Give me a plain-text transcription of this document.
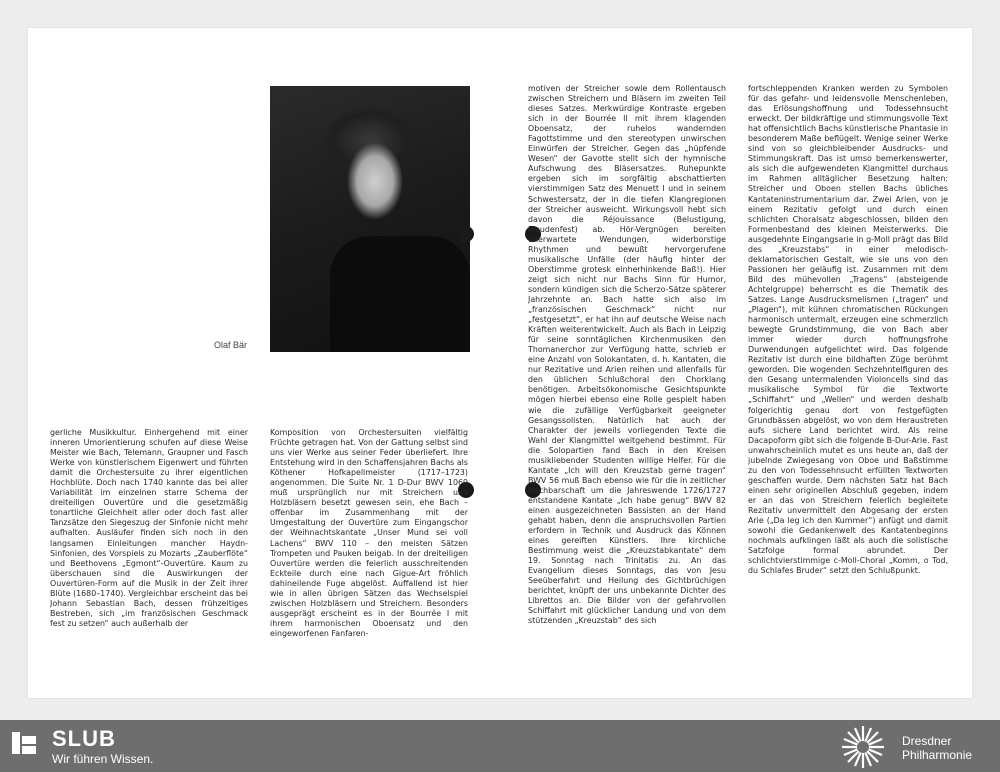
Olaf Bär

gerliche Musikkultur. Einhergehend mit einer inneren Umorientierung schufen auf diese Weise Meister wie Bach, Telemann, Graupner und Fasch Werke von künstlerischem Eigenwert und führten damit die Orchestersuite zu ihrer eigentlichen Hochblüte. Doch nach 1740 kannte das bei aller Variabilität im einzelnen starre Schema der dreiteiligen Ouvertüre und die gesetzmäßig tonartliche Gleichheit aller oder doch fast aller Tanzsätze den Siegeszug der Sinfonie nicht mehr aufhalten. Ausläufer finden sich noch in den langsamen Einleitungen mancher Haydn-Sinfonien, des Vorspiels zu Mozarts „Zauberflöte“ und Beethovens „Egmont“-Ouvertüre. Kaum zu überschauen sind die Auswirkungen der Ouvertüren-Form auf die Musik in der Zeit ihrer Blüte (1680–1740). Vergleichbar erscheint das bei Johann Sebastian Bach, dessen frühzeitiges Bestreben, sich „im französischen Geschmack fest zu setzen“ auch außerhalb der

Komposition von Orchestersuiten vielfältig Früchte getragen hat. Von der Gattung selbst sind uns vier Werke aus seiner Feder überliefert. Ihre Entstehung wird in den Schaffensjahren Bachs als Köthener Hofkapellmeister (1717–1723) angenommen. Die Suite Nr. 1 D-Dur BWV 1069 muß ursprünglich nur mit Streichern und Holzbläsern besetzt gewesen sein, ehe Bach – offenbar im Zusammenhang mit der Umgestaltung der Ouvertüre zum Eingangschor der Weihnachtskantate „Unser Mund sei voll Lachens“ BWV 110 – den meisten Sätzen Trompeten und Pauken beigab. In der dreiteiligen Ouvertüre werden die feierlich ausschreitenden Eckteile durch eine nach Gigue-Art fröhlich dahineilende Fuge abgelöst. Auffallend ist hier wie in allen übrigen Sätzen das Wechselspiel zwischen Holzbläsern und Streichern. Besonders ausgeprägt erscheint es in der Bourrée I mit ihrem harmonischen Oboensatz und den eingeworfenen Fanfaren-

motiven der Streicher sowie dem Rollentausch zwischen Streichern und Bläsern im zweiten Teil dieses Satzes. Merkwürdige Kontraste ergeben sich in der Bourrée II mit ihrem klagenden Oboensatz, der ruhelos wandernden Fagottstimme und den stereotypen unwirschen Einwürfen der Streicher. Gegen das „hüpfende Wesen“ der Gavotte stellt sich der hymnische Aufschwung des Bläsersatzes. Ruhepunkte ergeben sich im sorgfältig abschattierten vierstimmigen Satz des Menuett I und in seinem Schwestersatz, der in die tiefen Klangregionen der Streicher ausweicht. Wirkungsvoll hebt sich davon die Réjouissance (Belustigung, Freudenfest) ab. Hör-Vergnügen bereiten unerwartete Wendungen, widerborstige Rhythmen und bewußt hervorgerufene musikalische Unfälle (der häufig hinter der Oberstimme grotesk einherhinkende Baß!). Hier zeigt sich nicht nur Bachs Sinn für Humor, sondern kündigen sich die Scherzo-Sätze späterer Jahrzehnte an. Bach hatte sich also im „französischen Geschmack“ nicht nur „festgesetzt“, er hat ihn auf deutsche Weise nach Kräften weiterentwickelt. Auch als Bach in Leipzig für seine sonntäglichen Kirchenmusiken den Thomanerchor zur Verfügung hatte, schrieb er eine Anzahl von Solokantaten, d. h. Kantaten, die nur Rezitative und Arien reihen und allenfalls für den üblichen Schlußchoral den Chorklang benötigen. Arbeitsökonomische Gesichtspunkte mögen hierbei ebenso eine Rolle gespielt haben wie die zufällige Verfügbarkeit geeigneter Gesangssolisten. Natürlich hat auch der Charakter der jeweils vorliegenden Texte die Wahl der Klangmittel weitgehend bestimmt. Für die Solopartien fand Bach in den Kreisen musikliebender Studenten willige Helfer. Für die Kantate „Ich will den Kreuzstab gerne tragen“ BWV 56 muß Bach ebenso wie für die in zeitlicher Nachbarschaft um die Jahreswende 1726/1727 entstandene Kantate „Ich habe genug“ BWV 82 einen ausgezeichneten Bassisten an der Hand gehabt haben, denn die anspruchsvollen Partien erfordern in Technik und Ausdruck das Können eines gereiften Künstlers. Ihre kirchliche Bestimmung weist die „Kreuzstabkantate“ dem 19. Sonntag nach Trinitatis zu. An das Evangelium dieses Sonntags, das von Jesu Seeüberfahrt und Heilung des Gichtbrüchigen berichtet, knüpft der uns unbekannte Dichter des Librettos an. Die Bilder von der gefahrvollen Schiffahrt mit glücklicher Landung und von dem stützenden „Kreuzstab“ des sich

fortschleppenden Kranken werden zu Symbolen für das gefahr- und leidensvolle Menschenleben, das Erlösungshoffnung und Todessehnsucht erweckt. Der bildkräftige und stimmungsvolle Text hat offensichtlich Bachs künstlerische Phantasie in besonderem Maße beflügelt. Wenige seiner Werke sind von so gleichbleibender Ausdrucks- und Stimmungskraft. Das ist umso bemerkenswerter, als sich die aufgewendeten Klangmittel durchaus im Rahmen alltäglicher Besetzung halten: Streicher und Oboen stellen Bachs übliches Kantateninstrumentarium dar. Zwei Arien, von je einem Rezitativ gefolgt und durch einen schlichten Choralsatz abgeschlossen, bilden den Formenbestand des kleinen Meisterwerks. Die ausgedehnte Eingangsarie in g-Moll prägt das Bild des „Kreuzstabs“ in einer melodisch-deklamatorischen Gestalt, wie sie uns von den Passionen her geläufig ist. Zusammen mit dem Bild des mühevollen „Tragens“ (absteigende Achtelgruppe) beherrscht es die Thematik des Satzes. Lange Ausdrucksmelismen („tragen“ und „Plagen“), mit kühnen chromatischen Rückungen harmonisch untermalt, erzeugen eine schmerzlich bewegte Grundstimmung, die von Bach aber immer wieder durch hoffnungsfrohe Durwendungen aufgelichtet wird. Das folgende Rezitativ ist durch eine bildhaften Züge berühmt geworden. Die wogenden Sechzehntelfiguren des den Gesang untermalenden Violoncells sind das musikalische Symbol für die Textworte „Schiffahrt“ und „Wellen“ und werden deshalb folgerichtig genau dort von festgefügten Grundbässen abgelöst, wo von dem Heraustreten aufs sichere Land berichtet wird. Als reine Dacapoform gibt sich die folgende B-Dur-Arie. Fast unwahrscheinlich mutet es uns heute an, daß der jubelnde Zwiegesang von Oboe und Baßstimme zu den von Todessehnsucht erfüllten Textworten geschaffen wurde. Dem nächsten Satz hat Bach einen sehr originellen Abschluß gegeben, indem er an das von Streichern feierlich begleitete Rezitativ unvermittelt den Abgesang der ersten Arie („Da leg ich den Kummer“) anfügt und damit sowohl die Gedankenwelt des Kantatenbeginns nochmals aufklingen läßt als auch die solistische Satzfolge formal abrundet. Der schlichtvierstimmige c-Moll-Choral „Komm, o Tod, du Schlafes Bruder“ setzt den Schlußpunkt.

SLUB
Wir führen Wissen.
Dresdner
Philharmonie
